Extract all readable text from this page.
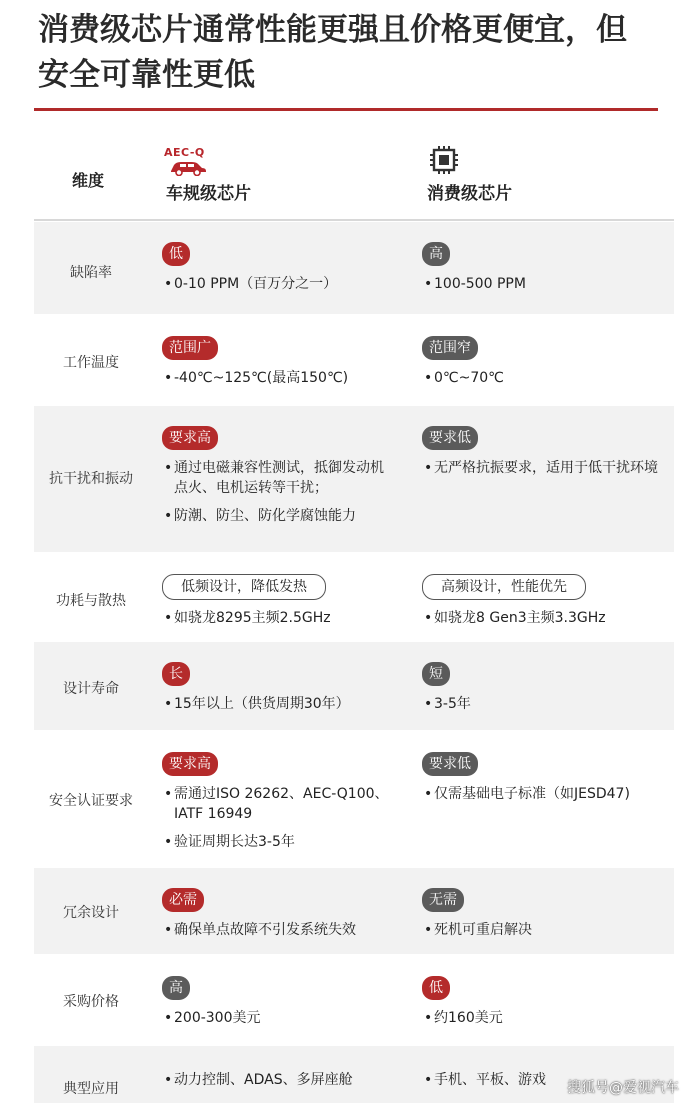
消费级芯片通常性能更强且价格更便宜，但
安全可靠性更低
维度
AEC-Q
车规级芯片	消费级芯片
缺陷率
低
• 0-10 PPM（百万分之一）
高
• 100-500 PPM
工作温度
范围广
• -40℃~125℃(最高150℃)
范围窄
• 0℃~70℃
抗干扰和振动
要求高
• 通过电磁兼容性测试，抵御发动机点火、电机运转等干扰；
• 防潮、防尘、防化学腐蚀能力
要求低
• 无严格抗振要求，适用于低干扰环境
功耗与散热
低频设计，降低发热
• 如骁龙8295主频2.5GHz
高频设计，性能优先
• 如骁龙8 Gen3主频3.3GHz
设计寿命
长
• 15年以上（供货周期30年）
短
• 3-5年
安全认证要求
要求高
• 需通过ISO 26262、AEC-Q100、IATF 16949
• 验证周期长达3-5年
要求低
• 仅需基础电子标准（如JESD47)
冗余设计
必需
• 确保单点故障不引发系统失效
无需
• 死机可重启解决
采购价格
高
• 200-300美元
低
• 约160美元
典型应用
• 动力控制、ADAS、多屏座舱
•	手机、平板、游戏	搜狐号@爱视汽车
